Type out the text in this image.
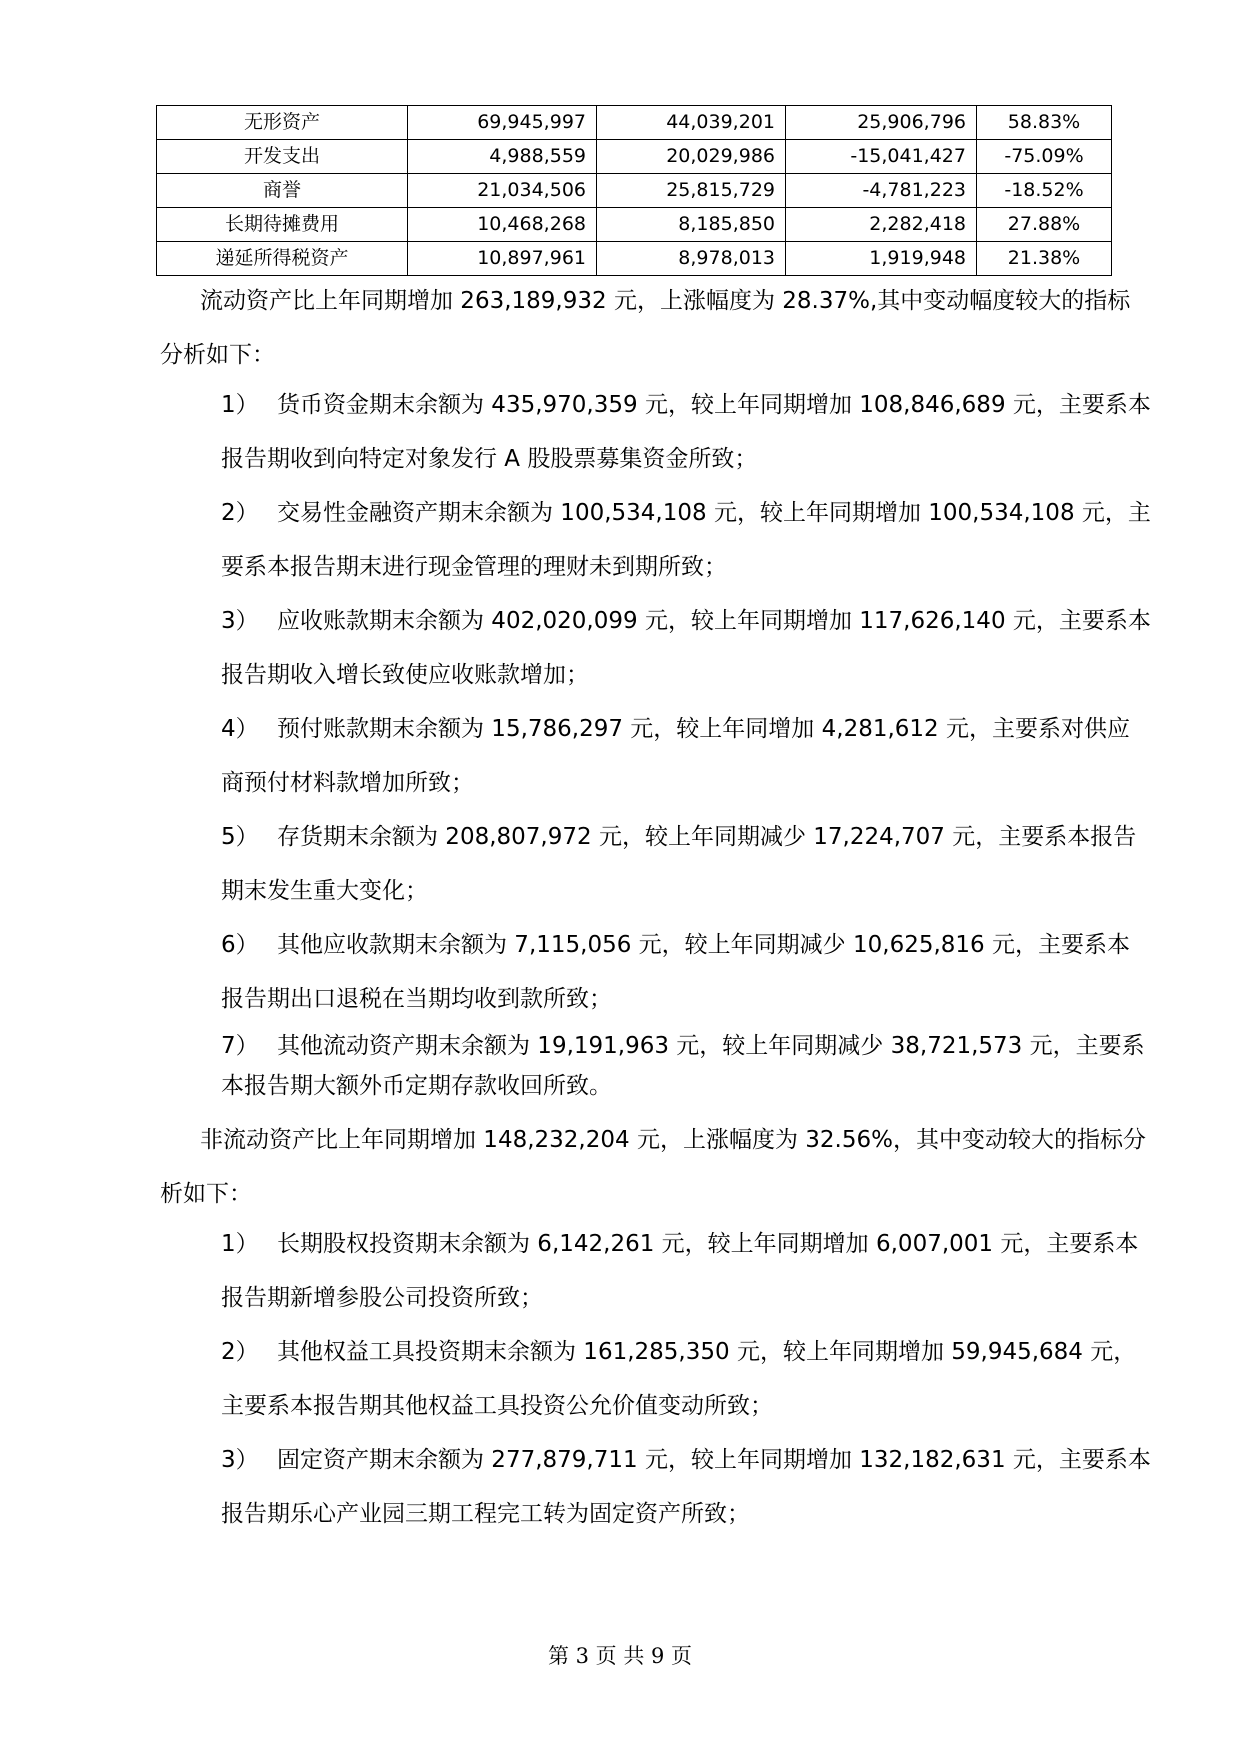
无形资产	69,945,997	44,039,201	25,906,796	58.83%
开发支出	4,988,559	20,029,986	-15,041,427	-75.09%
商誉	21,034,506	25,815,729	-4,781,223	-18.52%
长期待摊费用	10,468,268	8,185,850	2,282,418	27.88%
递延所得税资产	10,897,961	8,978,013	1,919,948	21.38%
流动资产比上年同期增加 263,189,932 元，上涨幅度为 28.37%,其中变动幅度较大的指标分析如下：
1） 货币资金期末余额为 435,970,359 元，较上年同期增加 108,846,689 元，主要系本报告期收到向特定对象发行 A 股股票募集资金所致；
2） 交易性金融资产期末余额为 100,534,108 元，较上年同期增加 100,534,108 元，主要系本报告期末进行现金管理的理财未到期所致；
3） 应收账款期末余额为 402,020,099 元，较上年同期增加 117,626,140 元，主要系本报告期收入增长致使应收账款增加；
4） 预付账款期末余额为 15,786,297 元，较上年同增加 4,281,612 元，主要系对供应商预付材料款增加所致；
5） 存货期末余额为 208,807,972 元，较上年同期减少 17,224,707 元，主要系本报告期末发生重大变化；
6） 其他应收款期末余额为 7,115,056 元，较上年同期减少 10,625,816 元，主要系本报告期出口退税在当期均收到款所致；
7） 其他流动资产期末余额为 19,191,963 元，较上年同期减少 38,721,573 元，主要系本报告期大额外币定期存款收回所致。
非流动资产比上年同期增加 148,232,204 元，上涨幅度为 32.56%，其中变动较大的指标分析如下：
1） 长期股权投资期末余额为 6,142,261 元，较上年同期增加 6,007,001 元，主要系本报告期新增参股公司投资所致；
2） 其他权益工具投资期末余额为 161,285,350 元，较上年同期增加 59,945,684 元，主要系本报告期其他权益工具投资公允价值变动所致；
3） 固定资产期末余额为 277,879,711 元，较上年同期增加 132,182,631 元，主要系本报告期乐心产业园三期工程完工转为固定资产所致；
第 3 页 共 9 页
